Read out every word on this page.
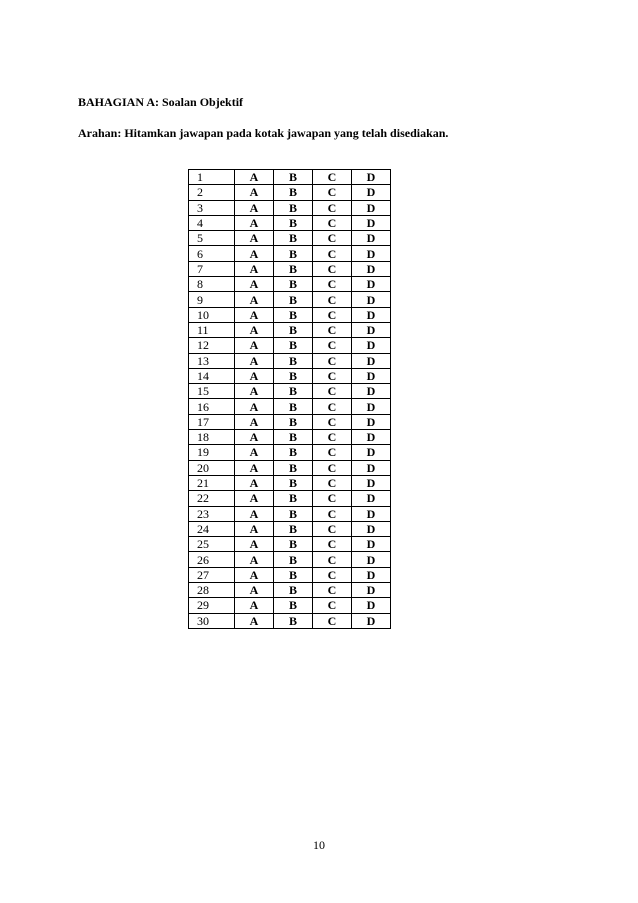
BAHAGIAN A: Soalan Objektif
Arahan: Hitamkan jawapan pada kotak jawapan yang telah disediakan.
1	A	B	C	D
2	A	B	C	D
3	A	B	C	D
4	A	B	C	D
5	A	B	C	D
6	A	B	C	D
7	A	B	C	D
8	A	B	C	D
9	A	B	C	D
10	A	B	C	D
11	A	B	C	D
12	A	B	C	D
13	A	B	C	D
14	A	B	C	D
15	A	B	C	D
16	A	B	C	D
17	A	B	C	D
18	A	B	C	D
19	A	B	C	D
20	A	B	C	D
21	A	B	C	D
22	A	B	C	D
23	A	B	C	D
24	A	B	C	D
25	A	B	C	D
26	A	B	C	D
27	A	B	C	D
28	A	B	C	D
29	A	B	C	D
30	A	B	C	D
10
